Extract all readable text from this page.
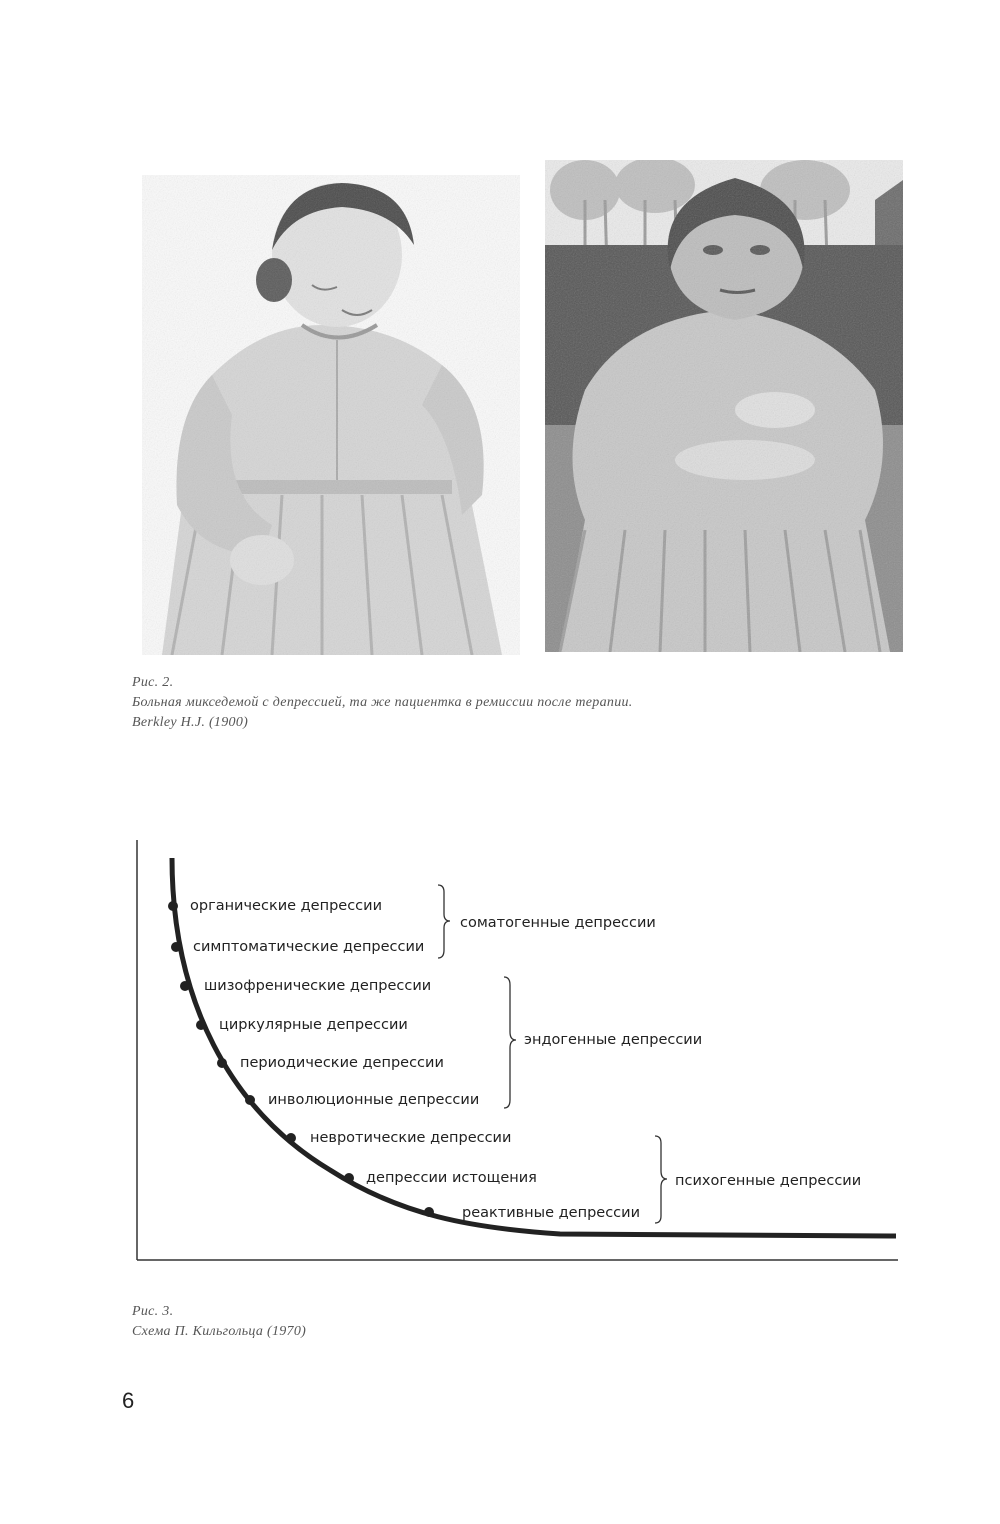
Рис. 2.
Больная микседемой с депрессией, та же пациентка в ремиссии после терапии.
Berkley H.J. (1900)
органические депрессии
симптоматические депрессии
шизофренические депрессии
циркулярные депрессии
периодические депрессии
инволюционные депрессии
невротические депрессии
депрессии истощения
реактивные депрессии
соматогенные депрессии
эндогенные депрессии
психогенные депрессии
Рис. 3.
Схема П. Кильгольца (1970)
6
